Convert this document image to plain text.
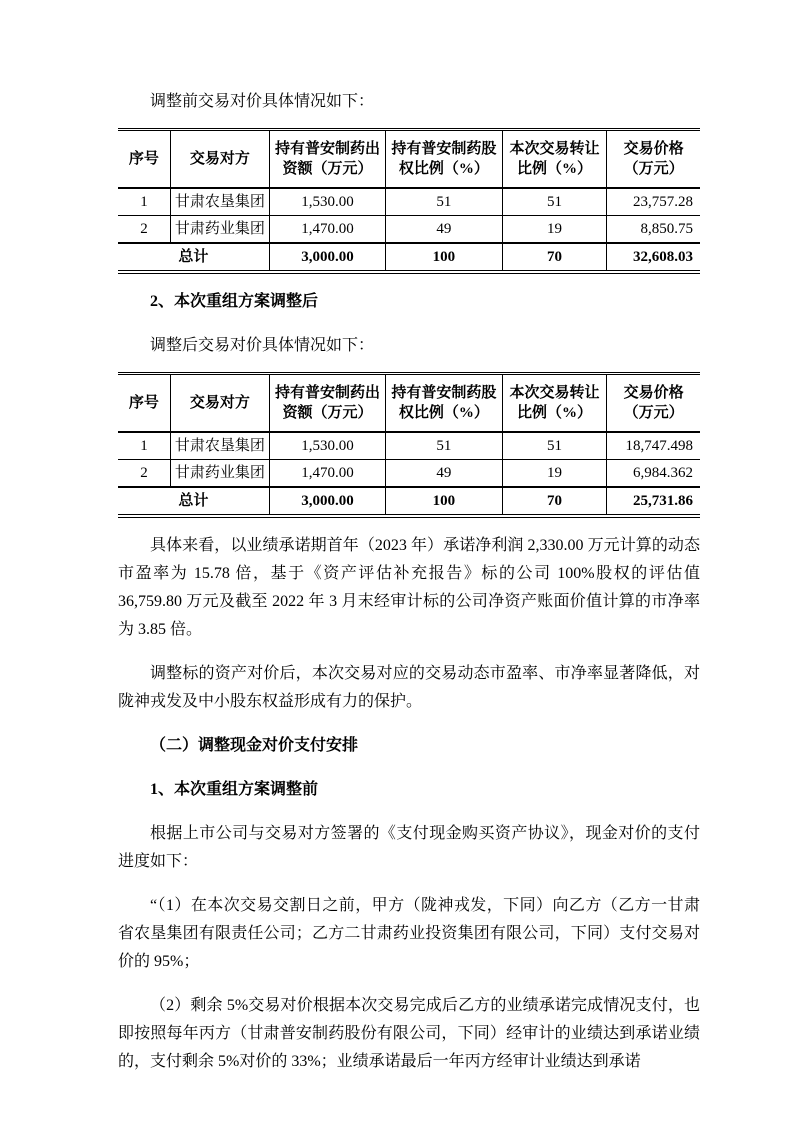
调整前交易对价具体情况如下：

序号	交易对方	持有普安制药出资额（万元）	持有普安制药股权比例（%）	本次交易转让比例（%）	交易价格（万元）
1	甘肃农垦集团	1,530.00	51	51	23,757.28
2	甘肃药业集团	1,470.00	49	19	8,850.75
总计		3,000.00	100	70	32,608.03
2、本次重组方案调整后

调整后交易对价具体情况如下：

序号	交易对方	持有普安制药出资额（万元）	持有普安制药股权比例（%）	本次交易转让比例（%）	交易价格（万元）
1	甘肃农垦集团	1,530.00	51	51	18,747.498
2	甘肃药业集团	1,470.00	49	19	6,984.362
总计		3,000.00	100	70	25,731.86

具体来看，以业绩承诺期首年（2023 年）承诺净利润 2,330.00 万元计算的动态市盈率为 15.78 倍，基于《资产评估补充报告》标的公司 100%股权的评估值 36,759.80 万元及截至 2022 年 3 月末经审计标的公司净资产账面价值计算的市净率为 3.85 倍。

调整标的资产对价后，本次交易对应的交易动态市盈率、市净率显著降低，对陇神戎发及中小股东权益形成有力的保护。

（二）调整现金对价支付安排
1、本次重组方案调整前

根据上市公司与交易对方签署的《支付现金购买资产协议》，现金对价的支付进度如下：

“（1）在本次交易交割日之前，甲方（陇神戎发，下同）向乙方（乙方一甘肃省农垦集团有限责任公司；乙方二甘肃药业投资集团有限公司，下同）支付交易对价的 95%；

（2）剩余 5%交易对价根据本次交易完成后乙方的业绩承诺完成情况支付，也即按照每年丙方（甘肃普安制药股份有限公司，下同）经审计的业绩达到承诺业绩的，支付剩余 5%对价的 33%；业绩承诺最后一年丙方经审计业绩达到承诺
